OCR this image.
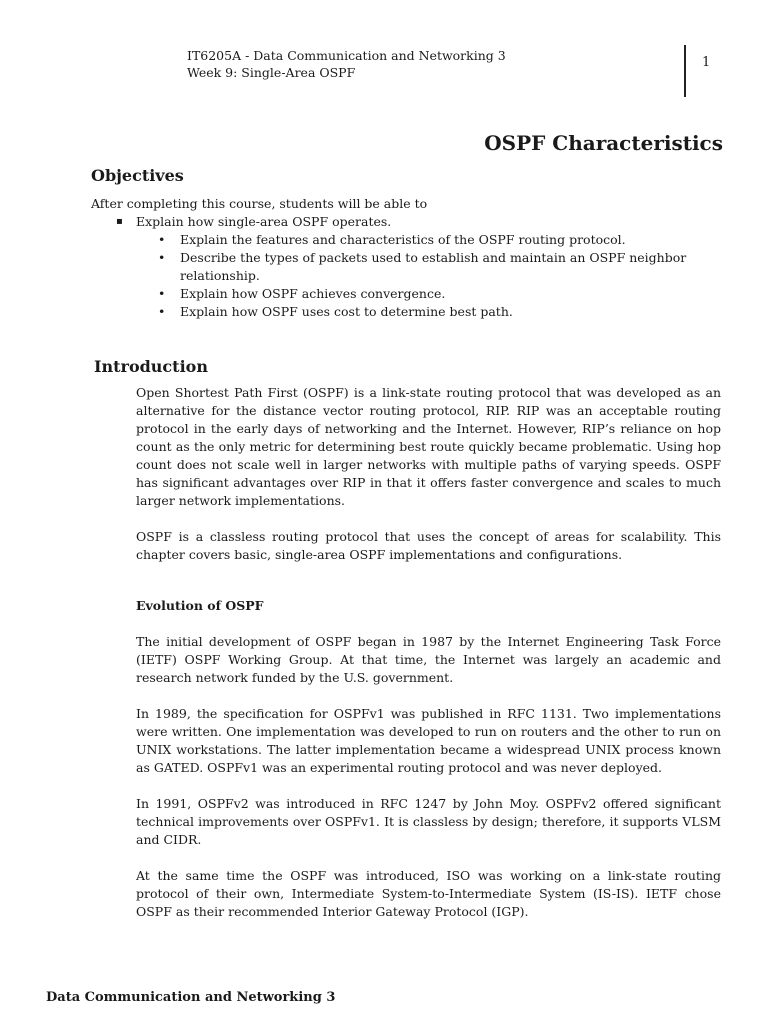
IT6205A - Data Communication and Networking 3
Week 9: Single-Area OSPF
1
OSPF Characteristics
Objectives
After completing this course, students will be able to
▪ Explain how single-area OSPF operates.
• Explain the features and characteristics of the OSPF routing protocol.
• Describe the types of packets used to establish and maintain an OSPF neighbor relationship.
• Explain how OSPF achieves convergence.
• Explain how OSPF uses cost to determine best path.
Introduction

Open Shortest Path First (OSPF) is a link-state routing protocol that was developed as an alternative for the distance vector routing protocol, RIP. RIP was an acceptable routing protocol in the early days of networking and the Internet. However, RIP’s reliance on hop count as the only metric for determining best route quickly became problematic. Using hop count does not scale well in larger networks with multiple paths of varying speeds. OSPF has significant advantages over RIP in that it offers faster convergence and scales to much larger network implementations.

OSPF is a classless routing protocol that uses the concept of areas for scalability. This chapter covers basic, single-area OSPF implementations and configurations.

Evolution of OSPF

The initial development of OSPF began in 1987 by the Internet Engineering Task Force (IETF) OSPF Working Group. At that time, the Internet was largely an academic and research network funded by the U.S. government.

In 1989, the specification for OSPFv1 was published in RFC 1131. Two implementations were written. One implementation was developed to run on routers and the other to run on UNIX workstations. The latter implementation became a widespread UNIX process known as GATED. OSPFv1 was an experimental routing protocol and was never deployed.

In 1991, OSPFv2 was introduced in RFC 1247 by John Moy. OSPFv2 offered significant technical improvements over OSPFv1. It is classless by design; therefore, it supports VLSM and CIDR.

At the same time the OSPF was introduced, ISO was working on a link-state routing protocol of their own, Intermediate System-to-Intermediate System (IS-IS). IETF chose OSPF as their recommended Interior Gateway Protocol (IGP).

Data Communication and Networking 3
